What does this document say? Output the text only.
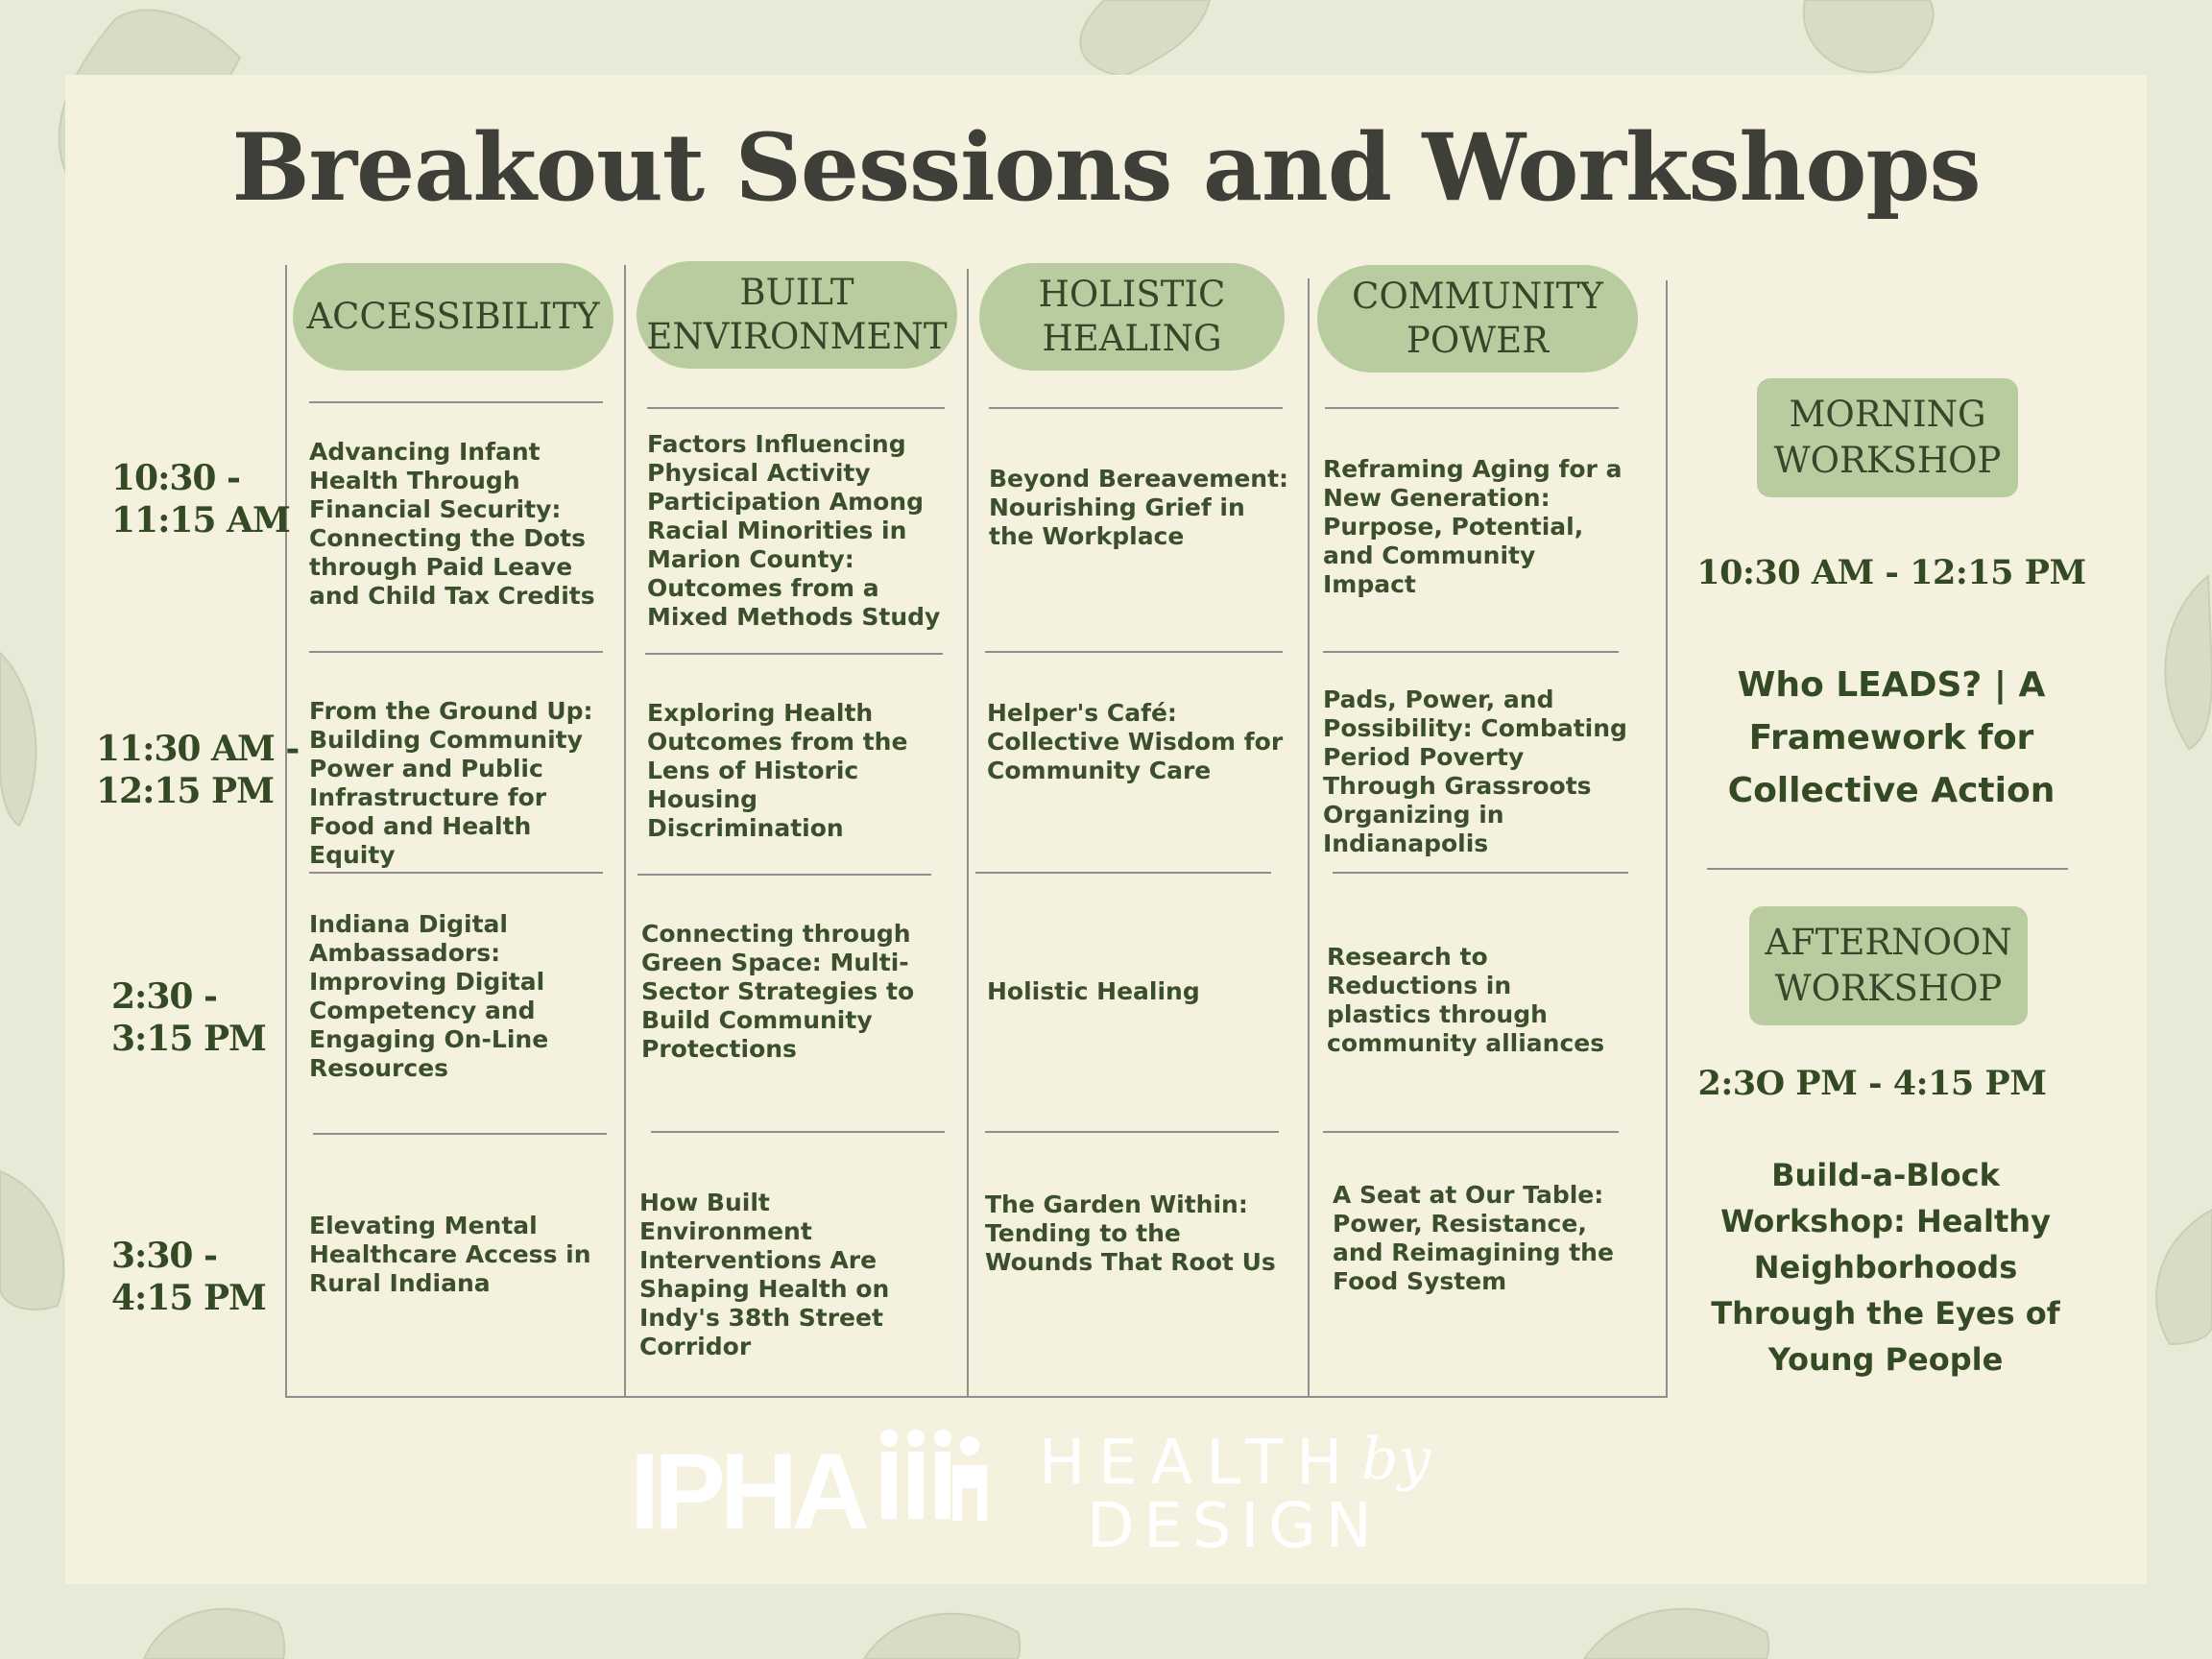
Breakout Sessions and Workshops
ACCESSIBILITY
BUILT
ENVIRONMENT
HOLISTIC
HEALING
COMMUNITY
POWER
10:30 -
11:15 AM
11:30 AM -
12:15 PM
2:30 -
3:15 PM
3:30 -
4:15 PM

Advancing Infant Health Through Financial Security: Connecting the Dots through Paid Leave and Child Tax Credits

From the Ground Up: Building Community Power and Public Infrastructure for Food and Health Equity

Indiana Digital Ambassadors: Improving Digital Competency and Engaging On-Line Resources

Elevating Mental Healthcare Access in Rural Indiana

Factors Influencing Physical Activity Participation Among Racial Minorities in Marion County: Outcomes from a Mixed Methods Study

Exploring Health Outcomes from the Lens of Historic Housing Discrimination

Connecting through Green Space: Multi-Sector Strategies to Build Community Protections

How Built Environment Interventions Are Shaping Health on Indy's 38th Street Corridor

Beyond Bereavement: Nourishing Grief in the Workplace

Helper's Café: Collective Wisdom for Community Care

Holistic Healing

The Garden Within: Tending to the Wounds That Root Us

Reframing Aging for a New Generation: Purpose, Potential, and Community Impact

Pads, Power, and Possibility: Combating Period Poverty Through Grassroots Organizing in Indianapolis

Research to Reductions in plastics through community alliances

A Seat at Our Table: Power, Resistance, and Reimagining the Food System

MORNING
WORKSHOP
10:30 AM - 12:15 PM
Who LEADS? | A Framework for Collective Action
AFTERNOON
WORKSHOP
2:3O PM - 4:15 PM
Build-a-Block Workshop: Healthy Neighborhoods Through the Eyes of Young People
IPHA	HEALTH by
DESIGN
